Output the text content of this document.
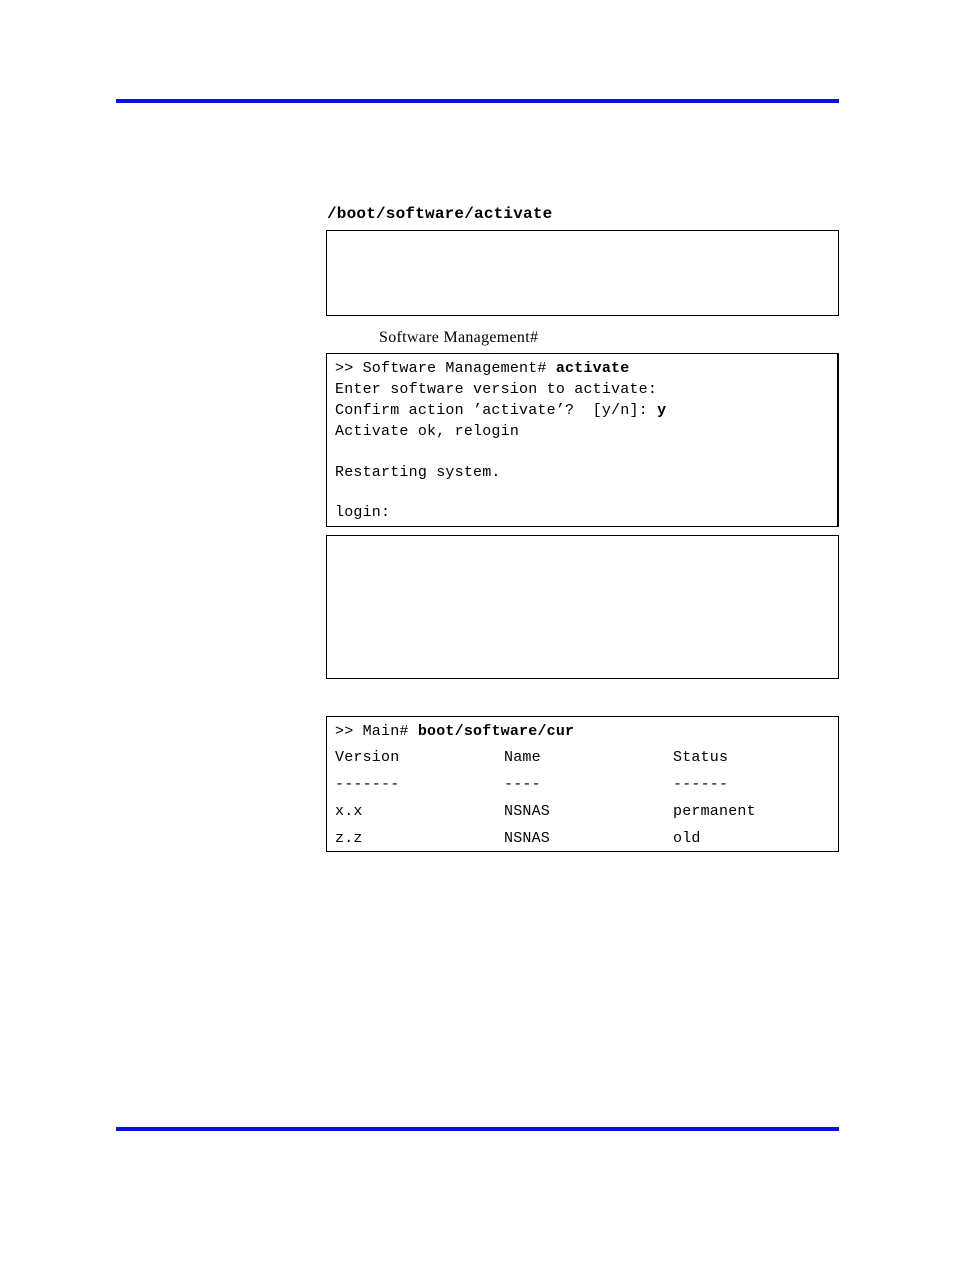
/boot/software/activate
Software Management#
>> Software Management# activate
Enter software version to activate:
Confirm action ’activate’?  [y/n]: y
Activate ok, relogin
Restarting system.
login:
>> Main# boot/software/cur
Version	Name	Status
-------	----	------
x.x	NSNAS	permanent
z.z	NSNAS	old
